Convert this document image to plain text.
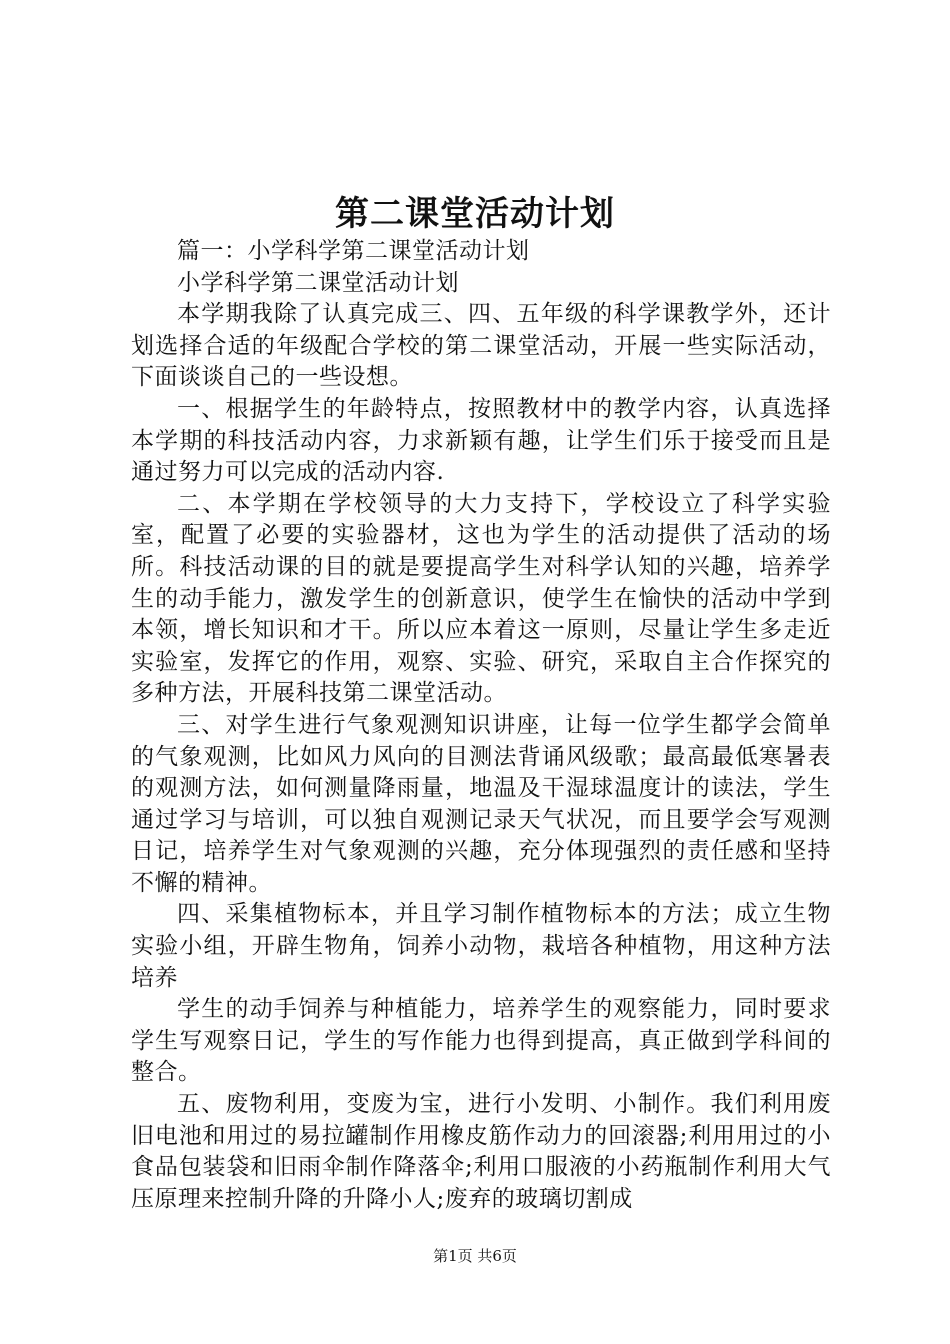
第二课堂活动计划

篇一：小学科学第二课堂活动计划

小学科学第二课堂活动计划

本学期我除了认真完成三、四、五年级的科学课教学外，还计划选择合适的年级配合学校的第二课堂活动，开展一些实际活动，下面谈谈自己的一些设想。

一、根据学生的年龄特点，按照教材中的教学内容，认真选择本学期的科技活动内容，力求新颖有趣，让学生们乐于接受而且是通过努力可以完成的活动内容.

二、本学期在学校领导的大力支持下，学校设立了科学实验室，配置了必要的实验器材，这也为学生的活动提供了活动的场所。科技活动课的目的就是要提高学生对科学认知的兴趣，培养学生的动手能力，激发学生的创新意识，使学生在愉快的活动中学到本领，增长知识和才干。所以应本着这一原则，尽量让学生多走近实验室，发挥它的作用，观察、实验、研究，采取自主合作探究的多种方法，开展科技第二课堂活动。

三、对学生进行气象观测知识讲座，让每一位学生都学会简单的气象观测，比如风力风向的目测法背诵风级歌；最高最低寒暑表的观测方法，如何测量降雨量，地温及干湿球温度计的读法，学生通过学习与培训，可以独自观测记录天气状况，而且要学会写观测日记，培养学生对气象观测的兴趣，充分体现强烈的责任感和坚持不懈的精神。

四、采集植物标本，并且学习制作植物标本的方法；成立生物实验小组，开辟生物角，饲养小动物，栽培各种植物，用这种方法培养

学生的动手饲养与种植能力，培养学生的观察能力，同时要求学生写观察日记，学生的写作能力也得到提高，真正做到学科间的整合。

五、废物利用，变废为宝，进行小发明、小制作。我们利用废旧电池和用过的易拉罐制作用橡皮筋作动力的回滚器;利用用过的小食品包装袋和旧雨伞制作降落伞;利用口服液的小药瓶制作利用大气压原理来控制升降的升降小人;废弃的玻璃切割成

第1页 共6页
